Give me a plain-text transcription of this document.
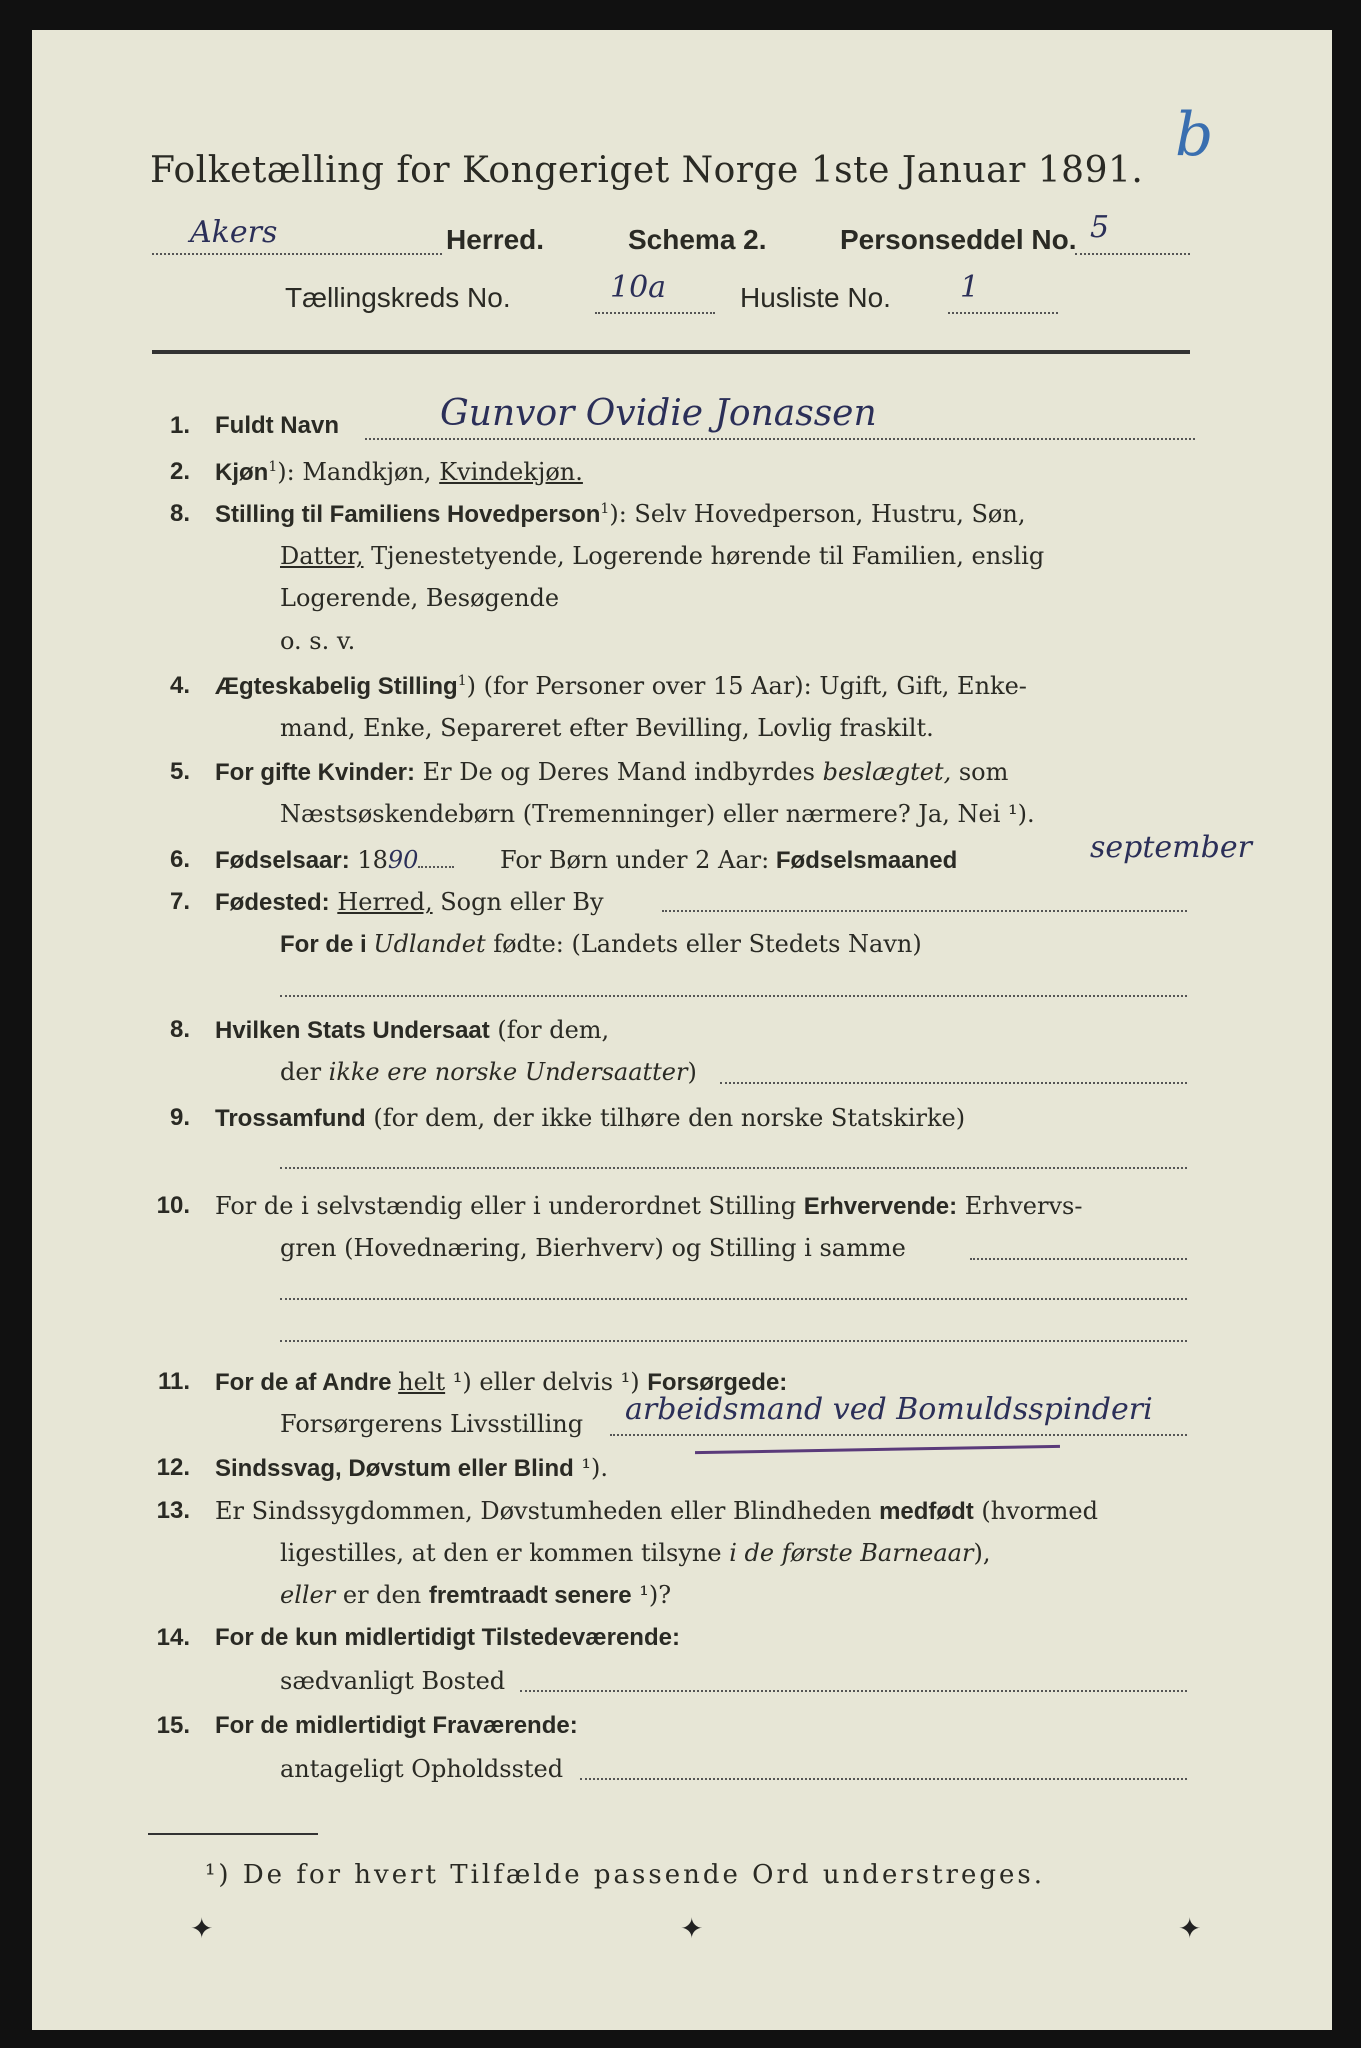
Folketælling for Kongeriget Norge 1ste Januar 1891.
b
Akers	Herred.	Schema 2.	Personseddel No. 5
Tællingskreds No.	10a	Husliste No. 1
1. Fuldt Navn	Gunvor Ovidie Jonassen
2. Kjøn$^1$): Mandkjøn, Kvindekjøn.
8. Stilling til Familiens Hovedperson$^1$): Selv Hovedperson, Hustru, Søn,
Datter, Tjenestetyende, Logerende hørende til Familien, enslig
Logerende, Besøgende
o. s. v.
4. Ægteskabelig Stilling$^1$) (for Personer over 15 Aar): Ugift, Gift, Enke-
mand, Enke, Separeret efter Bevilling, Lovlig fraskilt.
5. For gifte Kvinder: Er De og Deres Mand indbyrdes beslægtet, som
Næstsøskendebørn (Tremenninger) eller nærmere? Ja, Nei ¹).
6. Fødselsaar: 1890	For Børn under 2 Aar: Fødselsmaaned	september
7. Fødested: Herred, Sogn eller By
For de i Udlandet fødte: (Landets eller Stedets Navn)
8. Hvilken Stats Undersaat (for dem,
der ikke ere norske Undersaatter)
9. Trossamfund (for dem, der ikke tilhøre den norske Statskirke)
10. For de i selvstændig eller i underordnet Stilling Erhvervende: Erhvervs-
gren (Hovednæring, Bierhverv) og Stilling i samme
11. For de af Andre helt ¹) eller delvis ¹) Forsørgede:
Forsørgerens Livsstilling arbeidsmand ved Bomuldsspinderi
12. Sindssvag, Døvstum eller Blind ¹).
13. Er Sindssygdommen, Døvstumheden eller Blindheden medfødt (hvormed
ligestilles, at den er kommen tilsyne i de første Barneaar),
eller er den fremtraadt senere ¹)?
14. For de kun midlertidigt Tilstedeværende:
sædvanligt Bosted
15. For de midlertidigt Fraværende:
antageligt Opholdssted
¹) De for hvert Tilfælde passende Ord understreges.
✦	✦	✦
